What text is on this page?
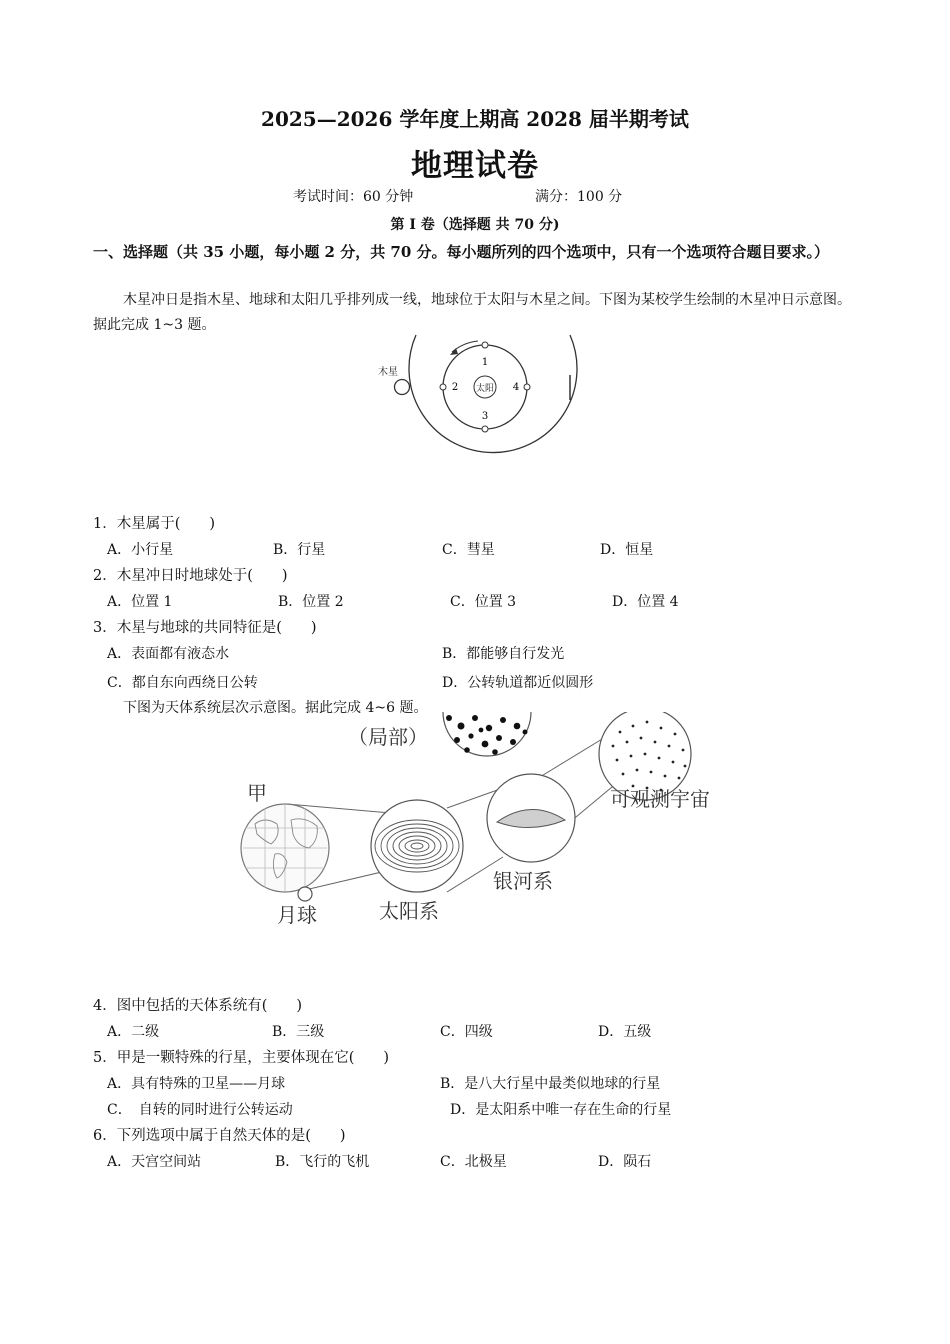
2025—2026 学年度上期高 2028 届半期考试
地理试卷
考试时间：60 分钟	满分：100 分
第 I 卷（选择题 共 70 分)
一、选择题（共 35 小题，每小题 2 分，共 70 分。每小题所列的四个选项中，只有一个选项符合题目要求。）
木星冲日是指木星、地球和太阳几乎排列成一线，地球位于太阳与木星之间。下图为某校学生绘制的木星冲日示意图。据此完成 1~3 题。
木星
太阳
1
2
3
4
1．木星属于(　　)
A．小行星	B．行星	C．彗星	D．恒星
2．木星冲日时地球处于(　　)
A．位置 1	B．位置 2	C．位置 3	D．位置 4
3．木星与地球的共同特征是(　　)
A．表面都有液态水	B．都能够自行发光
C．都自东向西绕日公转	D．公转轨道都近似圆形
下图为天体系统层次示意图。据此完成 4~6 题。
（局部）
可观测宇宙
银河系
太阳系
甲
月球
4．图中包括的天体系统有(　　)
A．二级	B．三级	C．四级	D．五级
5．甲是一颗特殊的行星，主要体现在它(　　)
A．具有特殊的卫星——月球	B．是八大行星中最类似地球的行星
C．　自转的同时进行公转运动	D．是太阳系中唯一存在生命的行星
6．下列选项中属于自然天体的是(　　)
A．天宫空间站	B．飞行的飞机	C．北极星	D．陨石
